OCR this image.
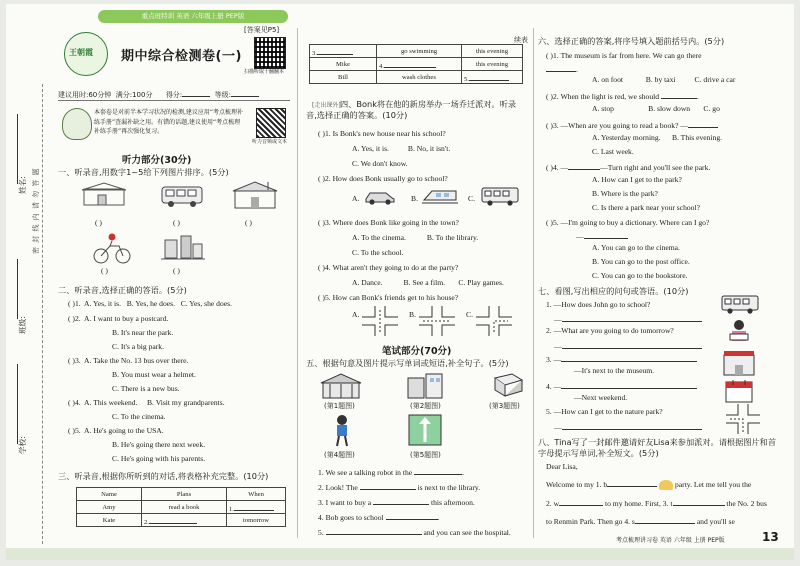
姓名:
班级:
学校:
密 封 线 内 请 勿 答 题
重点班特训 英语 六年级上册 PEP版
[答案见P5]
王朝霞 期中综合检测卷(一)
扫描听取十翻翻本
建议用时:60分钟 满分:100分 得分:	等级:
本套卷是对前半本学习状况的检测,建议应用“考点梳理补练手册”查漏补缺之用。有错的话题,建议使用“考点梳理补练手册”再次强化复习。
听力音频或文本
听力部分(30分)
一、听录音,用数字1~5给下列图片排序。(5分)
( )	( )	( )
( )	( )
二、听录音,选择正确的答语。(5分)
( )1. A. Yes, it is. B. Yes, he does. C. Yes, she does.
( )2. A. I want to buy a postcard.
B. It's near the park.
C. It's a big park.
( )3. A. Take the No. 13 bus over there.
B. You must wear a helmet.
C. There is a new bus.
( )4. A. This weekend. B. Visit my grandparents.
C. To the cinema.
( )5. A. He's going to the USA.
B. He's going there next week.
C. He's going with his parents.
三、听录音,根据你所听到的对话,将表格补充完整。(10分)
Name	Plans	When
Amy	read a book	1.
Kate	2.	tomorrow
3.	go swimming	this evening
Mike	4.	this evening
Bill	wash clothes	5.
[走出课外] 四、Bonk将在他的新房举办一场乔迁派对。听录音,选择正确的答案。(10分)
( )1. Is Bonk's new house near his school?
A. Yes, it is. B. No, it isn't.
C. We don't know.
( )2. How does Bonk usually go to school?
A.	B.	C.
( )3. Where does Bonk like going in the town?
A. To the cinema.	B. To the library.
C. To the school.
( )4. What aren't they going to do at the party?
A. Dance.	B. See a film. C. Play games.
( )5. How can Bonk's friends get to his house?
A.	B.	C.
笔试部分(70分)
五、根据句意及图片提示写单词或短语,补全句子。(5分)
(第1题图)	(第2题图)	(第3题图)
(第4题图)	(第5题图)
1. We see a talking robot in the	.
2. Look! The	is next to the library.
3. I want to buy a	this afternoon.
4. Bob goes to school	.
5.	and you can see the hospital.
续表 六、选择正确的答案,将序号填入题前括号内。(5分)
( )1. The museum is far from here. We can go there
.
A. on foot	B. by taxi C. drive a car
( )2. When the light is red, we should	.
A. stop	B. slow down C. go
( )3. —When are you going to read a book? —
A. Yesterday morning. B. This evening.
C. Last week.
( )4. —	—Turn right and you'll see the park.
A. How can I get to the park?
B. Where is the park?
C. Is there a park near your school?
( )5. —I'm going to buy a dictionary. Where can I go?
—
A. You can go to the cinema.
B. You can go to the post office.
C. You can go to the bookstore.
七、看图,写出相应的问句或答语。(10分)
1. —How does John go to school?
—
2. —What are you going to do tomorrow?
—
3. —
—It's next to the museum.
4. —
—Next weekend.
5. —How can I get to the nature park?
—
八、Tina写了一封邮件邀请好友Lisa来参加派对。请根据图片和首字母提示写单词,补全短文。(5分)
Dear Lisa,
Welcome to my 1. b	party. Let me tell you the
2. w	to my home. First, 3. t	the No. 2 bus
to Renmin Park. Then go 4. s	and you'll se
考点梳理讲习卷 英语 六年级 上册 PEP版	13
